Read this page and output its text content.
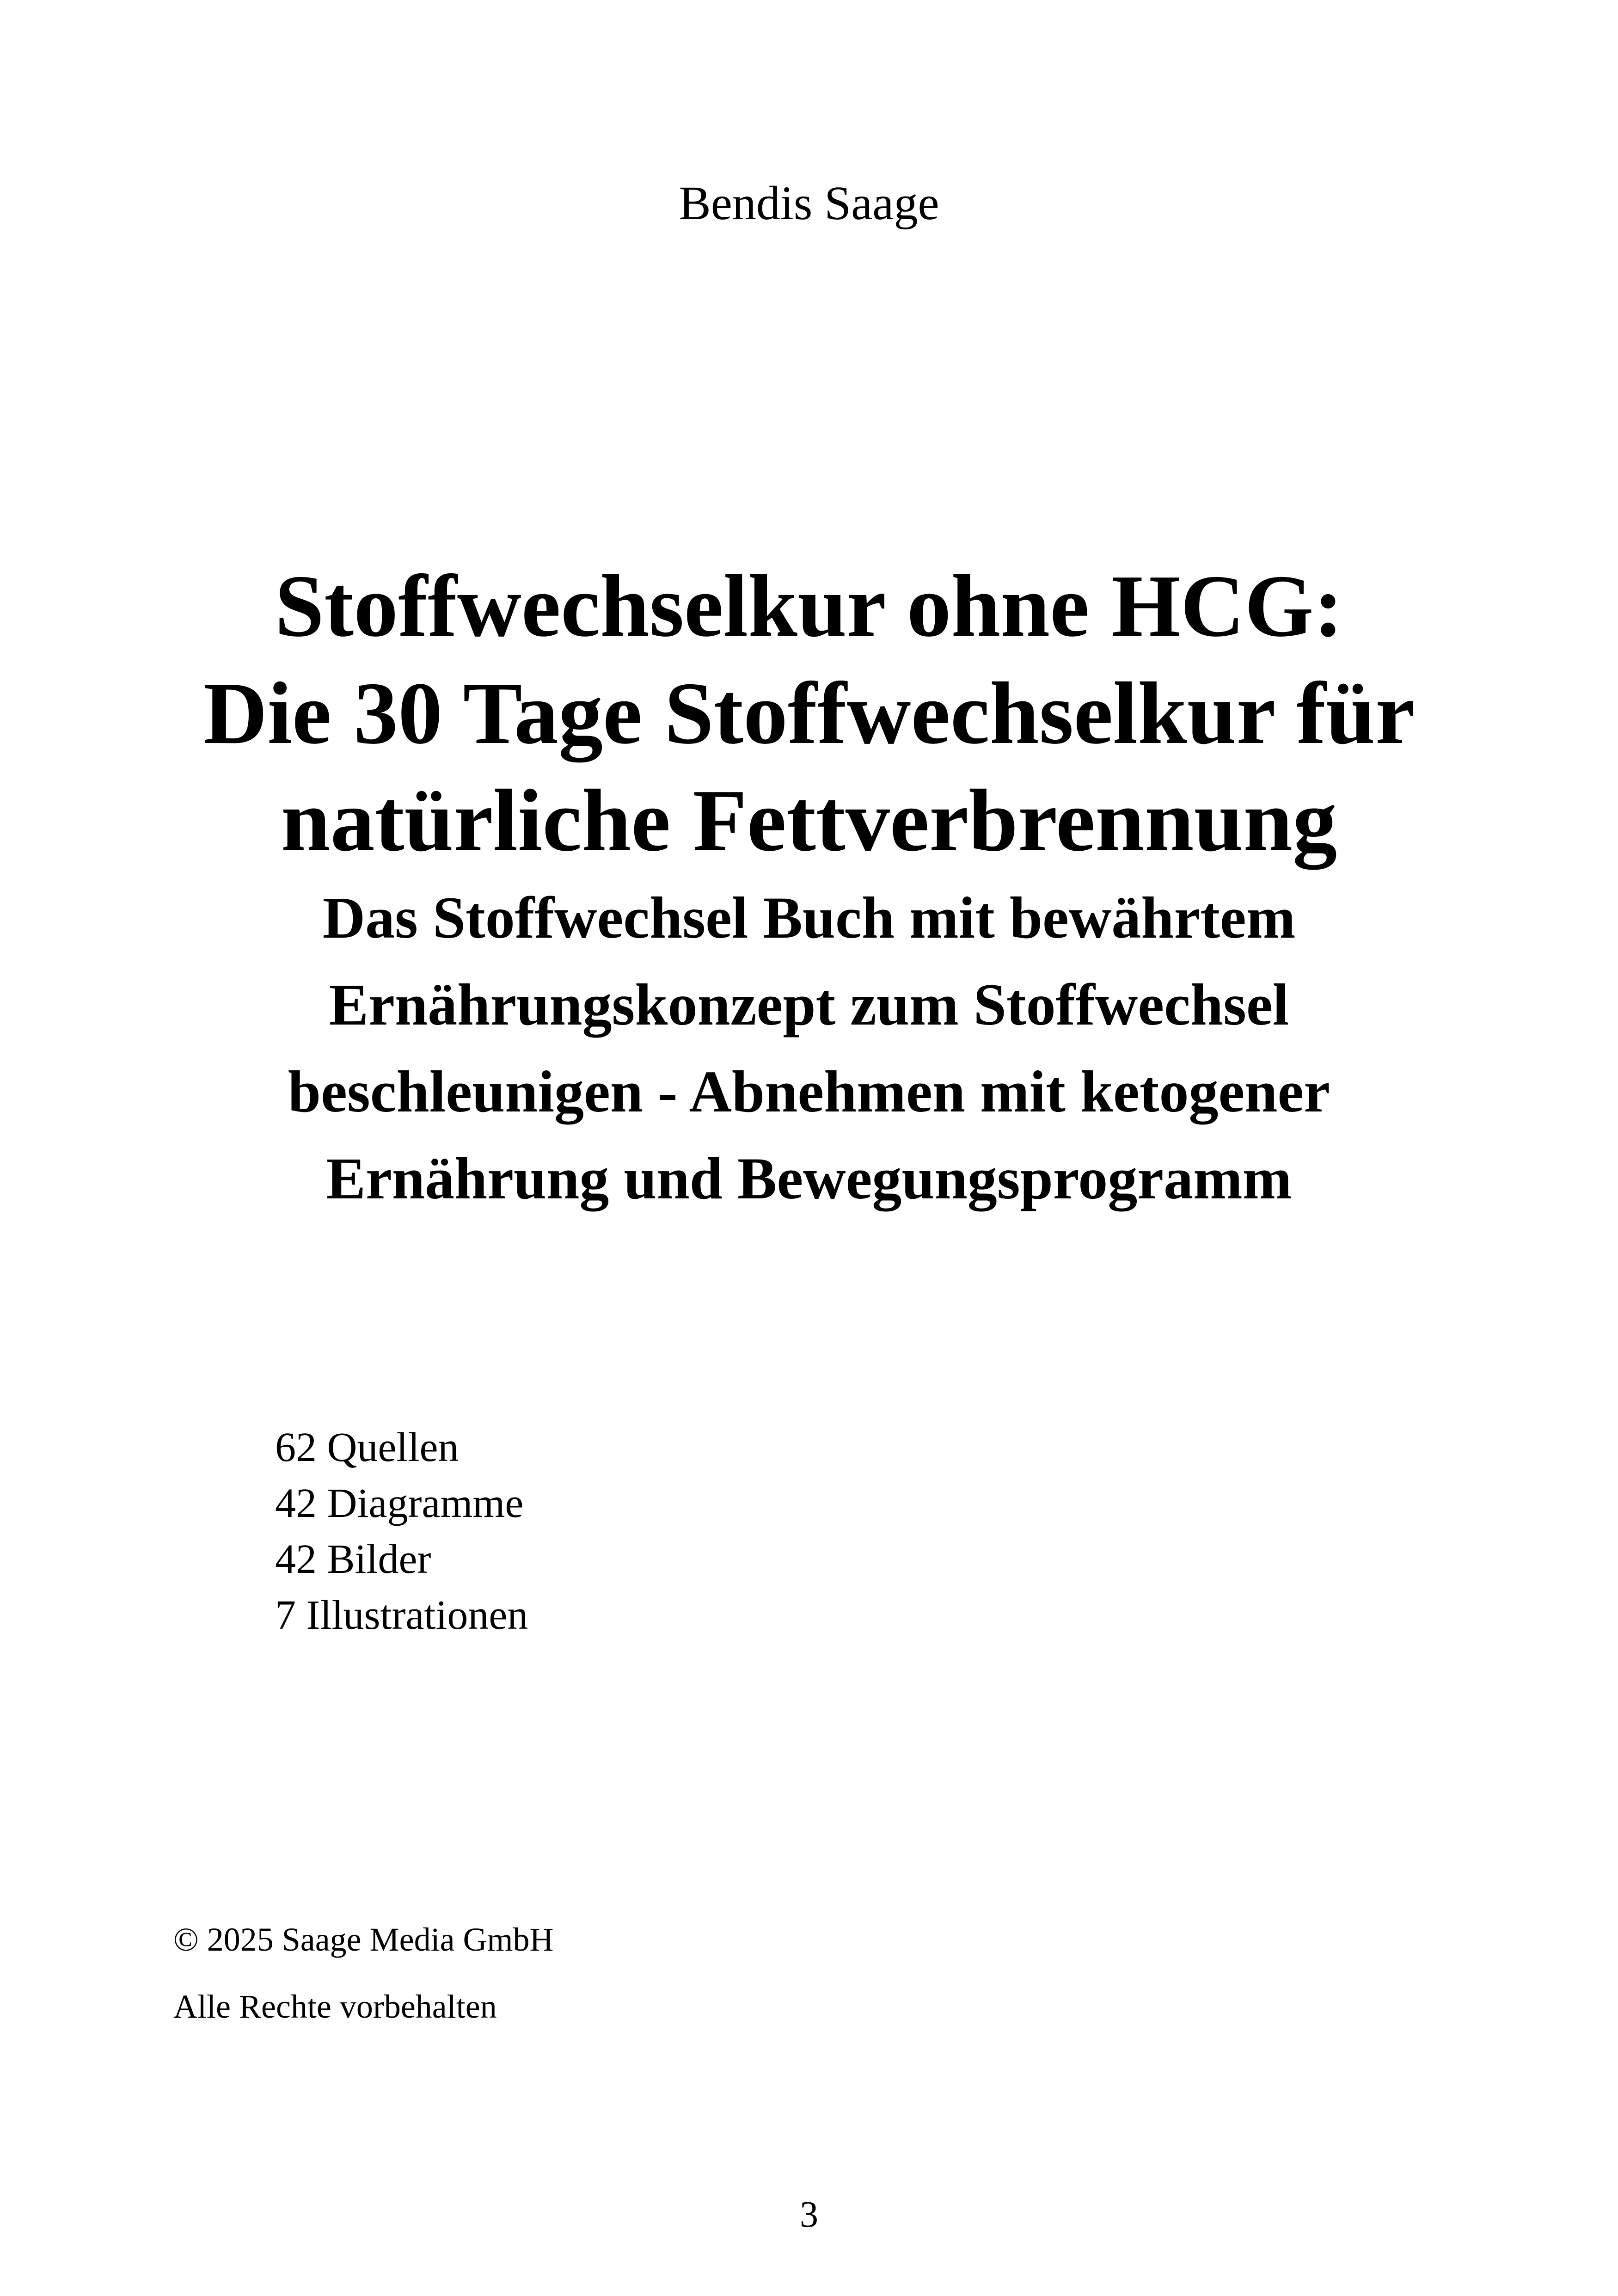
Bendis Saage
Stoffwechselkur ohne HCG:
Die 30 Tage Stoffwechselkur für
natürliche Fettverbrennung
Das Stoffwechsel Buch mit bewährtem
Ernährungskonzept zum Stoffwechsel
beschleunigen - Abnehmen mit ketogener
Ernährung und Bewegungsprogramm
62 Quellen
42 Diagramme
42 Bilder
7 Illustrationen
© 2025 Saage Media GmbH
Alle Rechte vorbehalten
3
